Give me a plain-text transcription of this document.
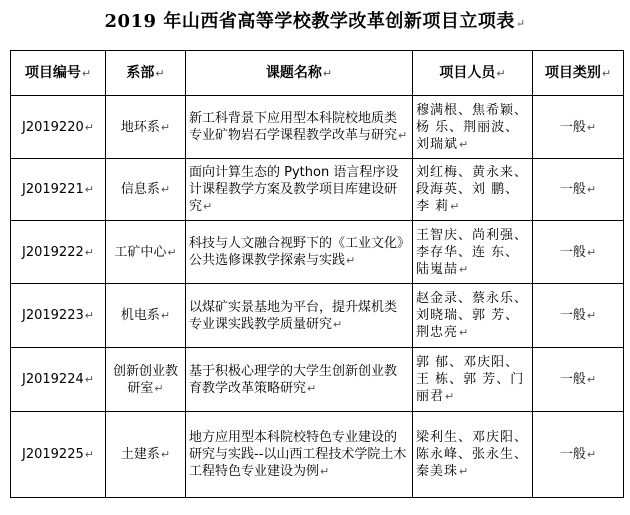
2019 年山西省高等学校教学改革创新项目立项表↵
项目编号↵	系部↵	课题名称↵	项目人员↵	项目类别↵
J2019220↵	地环系↵	新工科背景下应用型本科院校地质类专业矿物岩石学课程教学改革与研究↵	穆满根、焦希颖、杨 乐、荆丽波、刘瑞斌↵	一般↵
J2019221↵	信息系↵	面向计算生态的 Python 语言程序设计课程教学方案及教学项目库建设研究↵	刘红梅、黄永来、段海英、刘 鹏、李 莉↵	一般↵
J2019222↵	工矿中心↵	科技与人文融合视野下的《工业文化》公共选修课教学探索与实践↵	王智庆、尚利强、李存华、连 东、陆嵬喆↵	一般↵
J2019223↵	机电系↵	以煤矿实景基地为平台，提升煤机类专业课实践教学质量研究↵	赵金录、蔡永乐、刘晓瑞、郭 芳、荆忠亮↵	一般↵
J2019224↵	创新创业教研室↵	基于积极心理学的大学生创新创业教育教学改革策略研究↵	郭 郁、邓庆阳、王 栋、郭 芳、门丽君↵	一般↵
J2019225↵	土建系↵	地方应用型本科院校特色专业建设的研究与实践--以山西工程技术学院土木工程特色专业建设为例↵	梁利生、邓庆阳、陈永峰、张永生、秦美珠↵	一般↵
